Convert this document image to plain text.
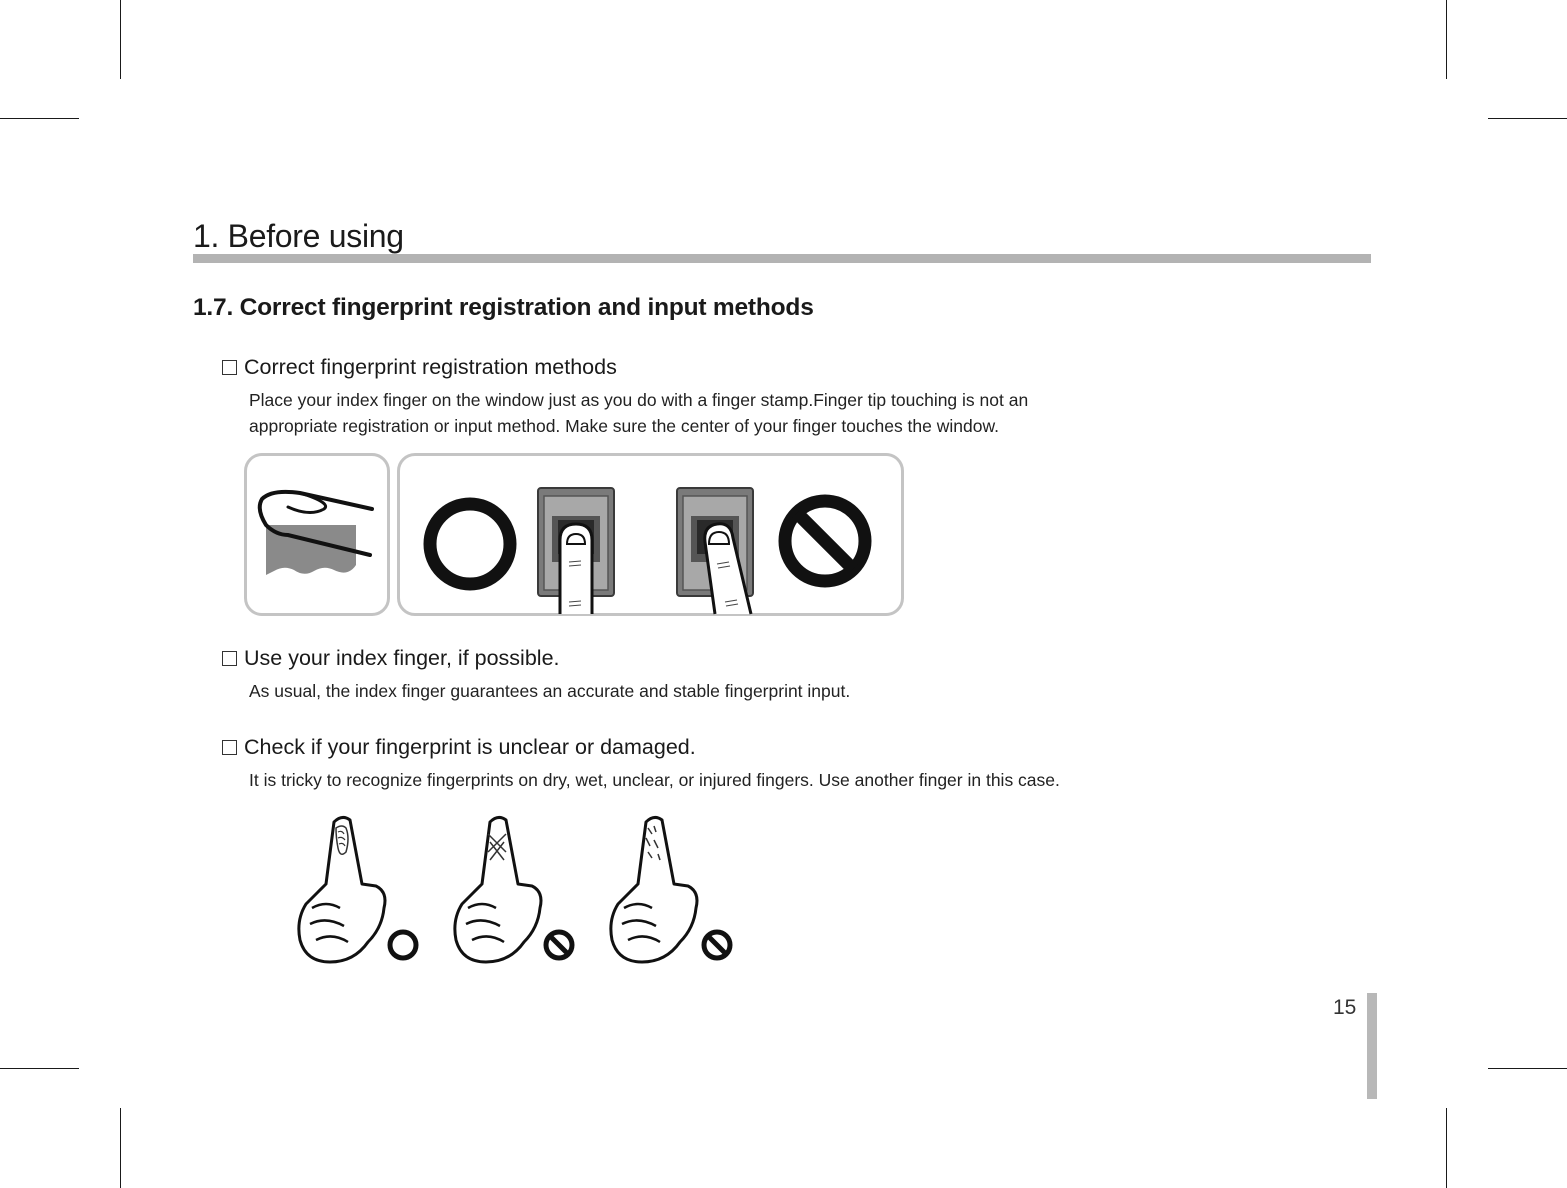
1. Before using
1.7. Correct fingerprint registration and input methods
Correct fingerprint registration methods
Place your index finger on the window just as you do with a finger stamp.Finger tip touching is not an
appropriate registration or input method. Make sure the center of your finger touches the window.
Use your index finger, if possible.
As usual, the index finger guarantees an accurate and stable fingerprint input.
Check if your fingerprint is unclear or damaged.
It is tricky to recognize fingerprints on dry, wet, unclear, or injured fingers. Use another finger in this case.
15
